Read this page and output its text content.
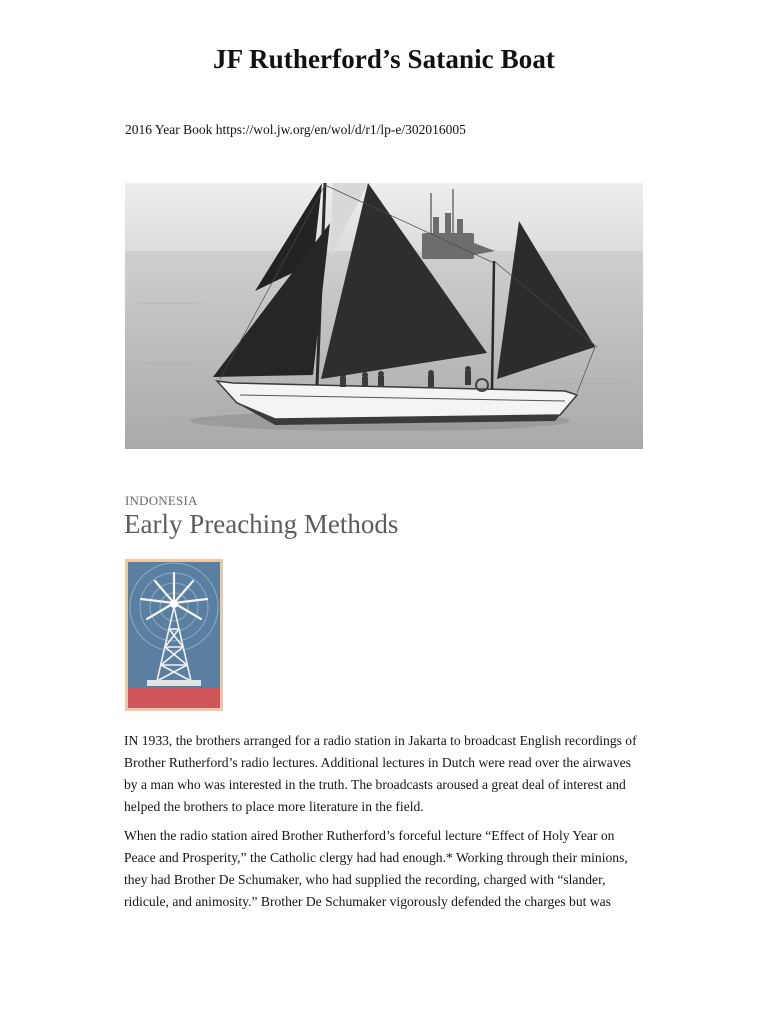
JF Rutherford’s Satanic Boat

2016 Year Book https://wol.jw.org/en/wol/d/r1/lp-e/302016005

INDONESIA

Early Preaching Methods

IN 1933, the brothers arranged for a radio station in Jakarta to broadcast English recordings of Brother Rutherford’s radio lectures. Additional lectures in Dutch were read over the airwaves by a man who was interested in the truth. The broadcasts aroused a great deal of interest and helped the brothers to place more literature in the field.

When the radio station aired Brother Rutherford’s forceful lecture “Effect of Holy Year on Peace and Prosperity,” the Catholic clergy had had enough.* Working through their minions, they had Brother De Schumaker, who had supplied the recording, charged with “slander, ridicule, and animosity.” Brother De Schumaker vigorously defended the charges but was
